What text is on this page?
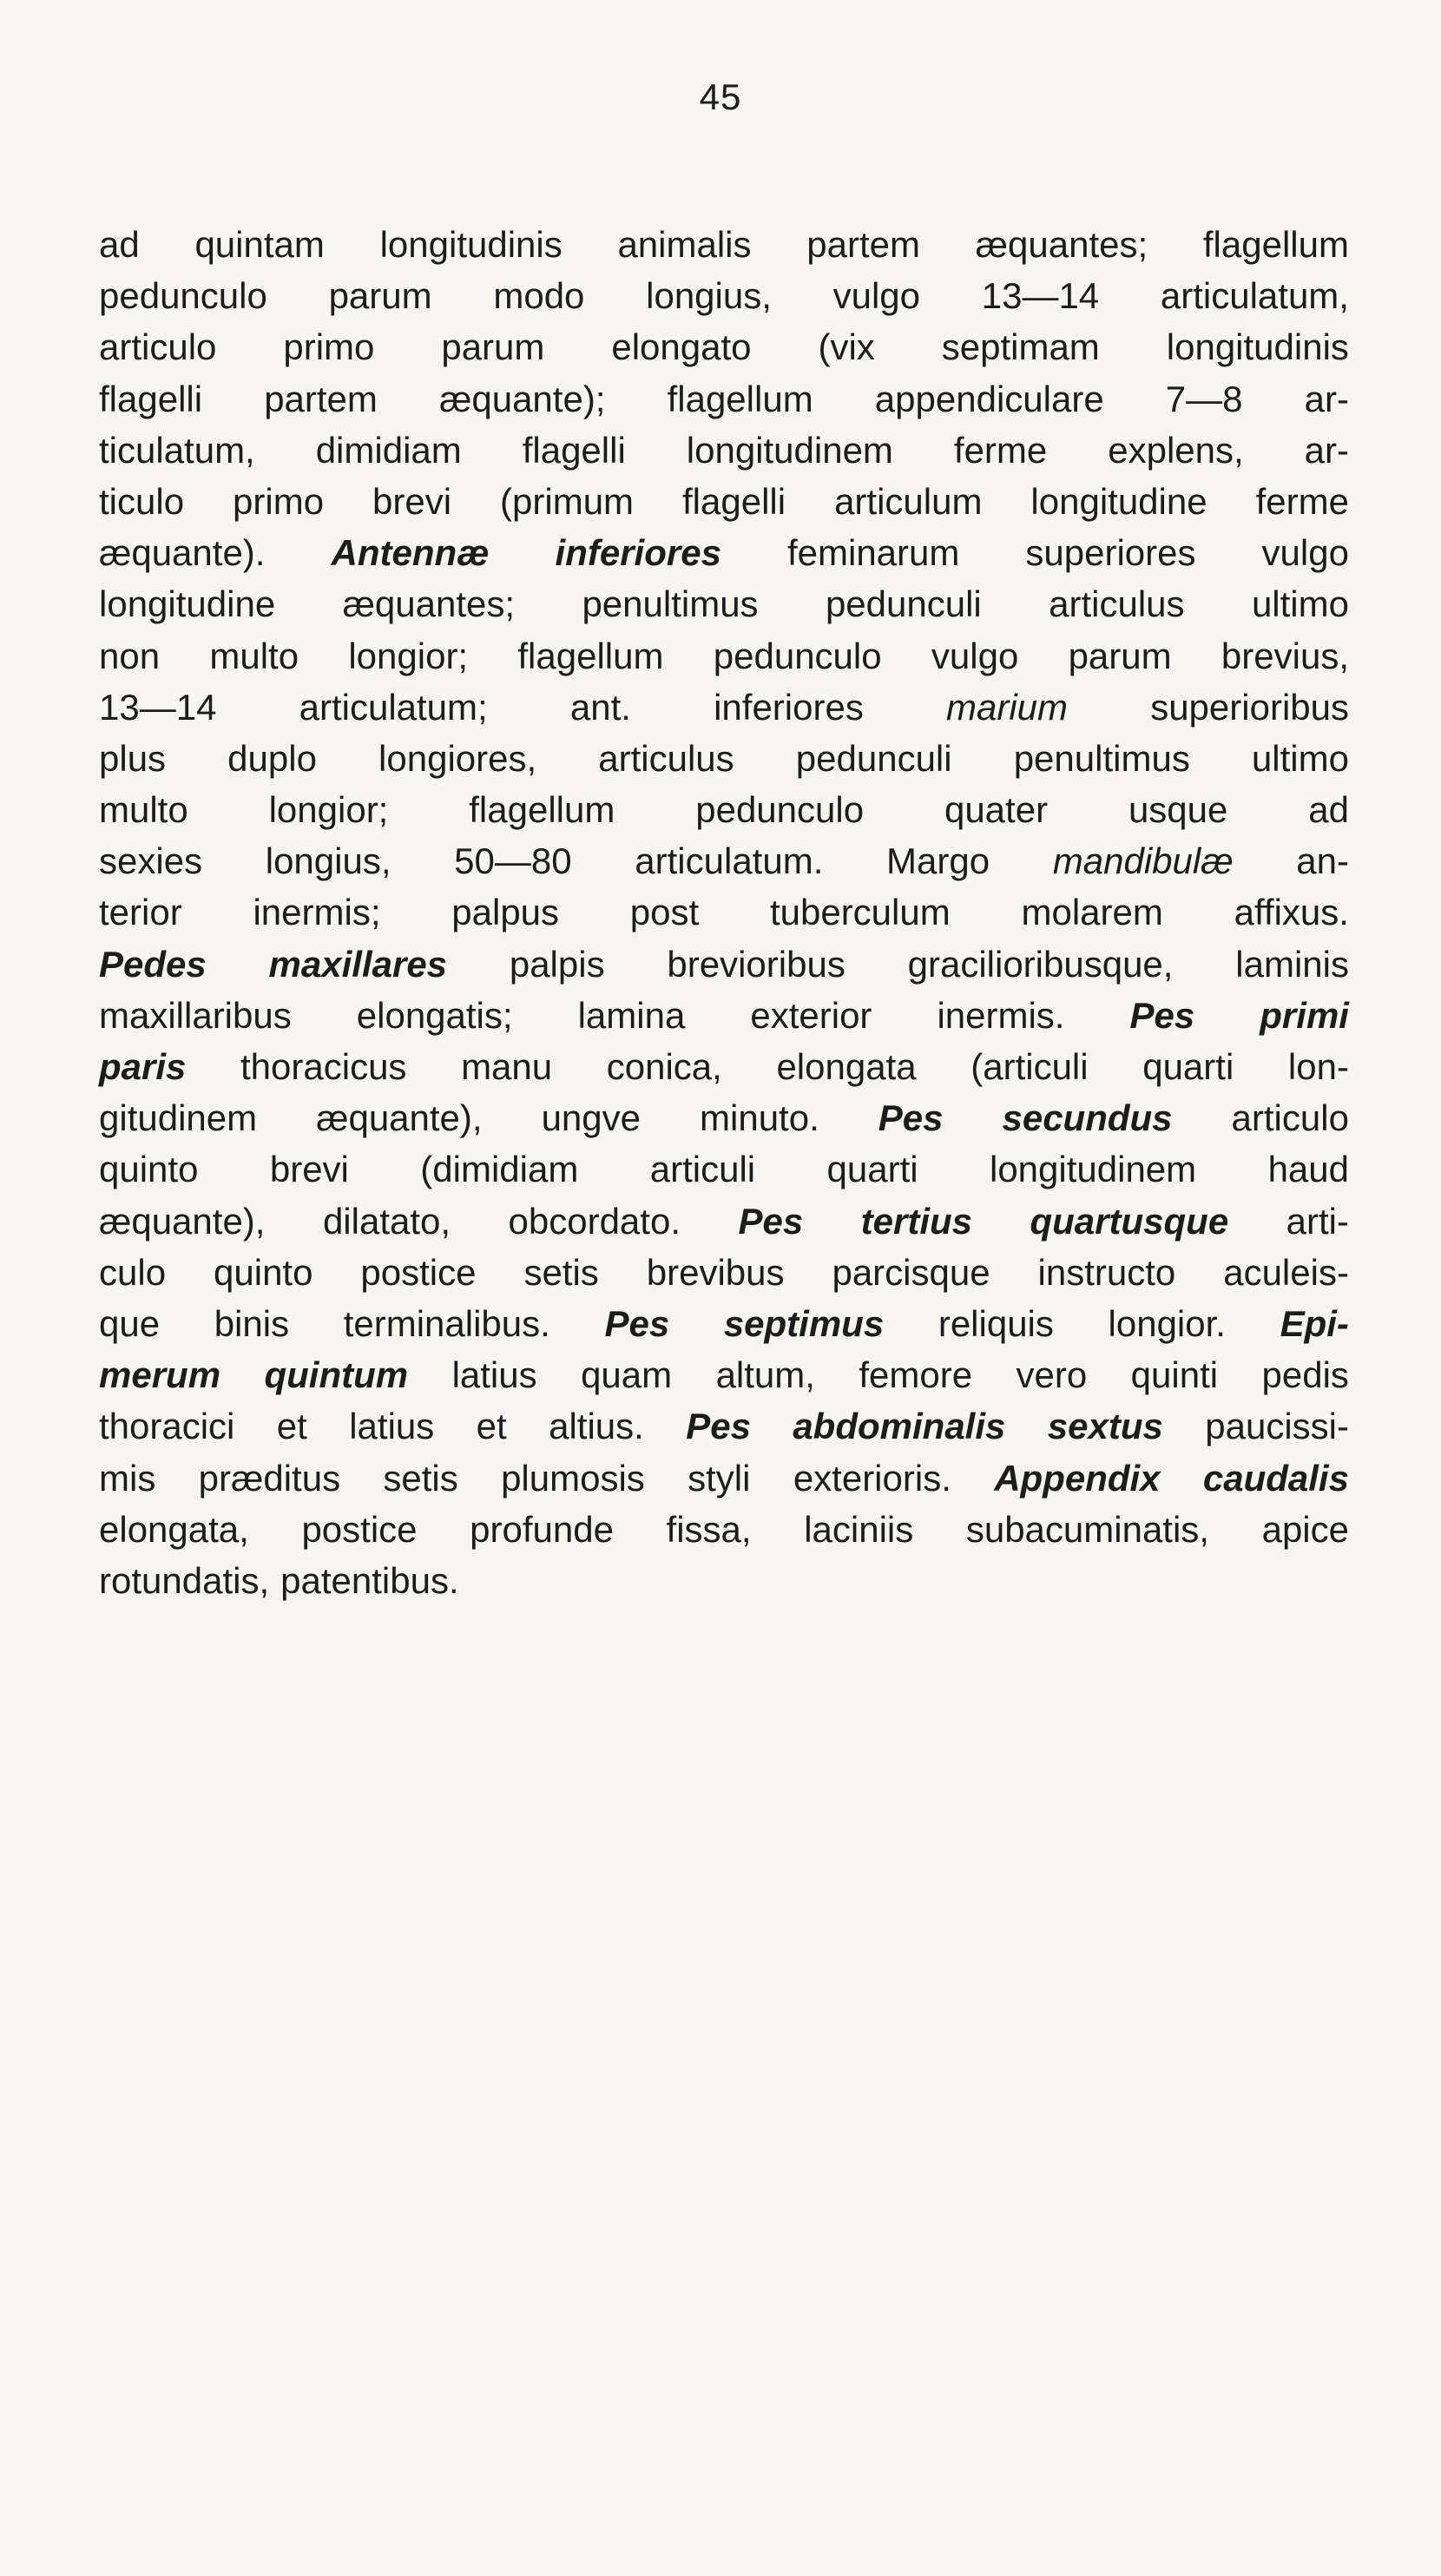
45
ad quintam longitudinis animalis partem æquantes; flagellum
pedunculo parum modo longius, vulgo 13—14 articulatum,
articulo primo parum elongato (vix septimam longitudinis
flagelli partem æquante); flagellum appendiculare 7—8 ar-
ticulatum, dimidiam flagelli longitudinem ferme explens, ar-
ticulo primo brevi (primum flagelli articulum longitudine ferme
æquante). Antennæ inferiores feminarum superiores vulgo
longitudine æquantes; penultimus pedunculi articulus ultimo
non multo longior; flagellum pedunculo vulgo parum brevius,
13—14 articulatum; ant. inferiores marium superioribus
plus duplo longiores, articulus pedunculi penultimus ultimo
multo longior; flagellum pedunculo quater usque ad
sexies longius, 50—80 articulatum. Margo mandibulæ an-
terior inermis; palpus post tuberculum molarem affixus.
Pedes maxillares palpis brevioribus gracilioribusque, laminis
maxillaribus elongatis; lamina exterior inermis. Pes primi
paris thoracicus manu conica, elongata (articuli quarti lon-
gitudinem æquante), ungve minuto. Pes secundus articulo
quinto brevi (dimidiam articuli quarti longitudinem haud
æquante), dilatato, obcordato. Pes tertius quartusque arti-
culo quinto postice setis brevibus parcisque instructo aculeis-
que binis terminalibus. Pes septimus reliquis longior. Epi-
merum quintum latius quam altum, femore vero quinti pedis
thoracici et latius et altius. Pes abdominalis sextus paucissi-
mis præditus setis plumosis styli exterioris. Appendix caudalis
elongata, postice profunde fissa, laciniis subacuminatis, apice
rotundatis, patentibus.
